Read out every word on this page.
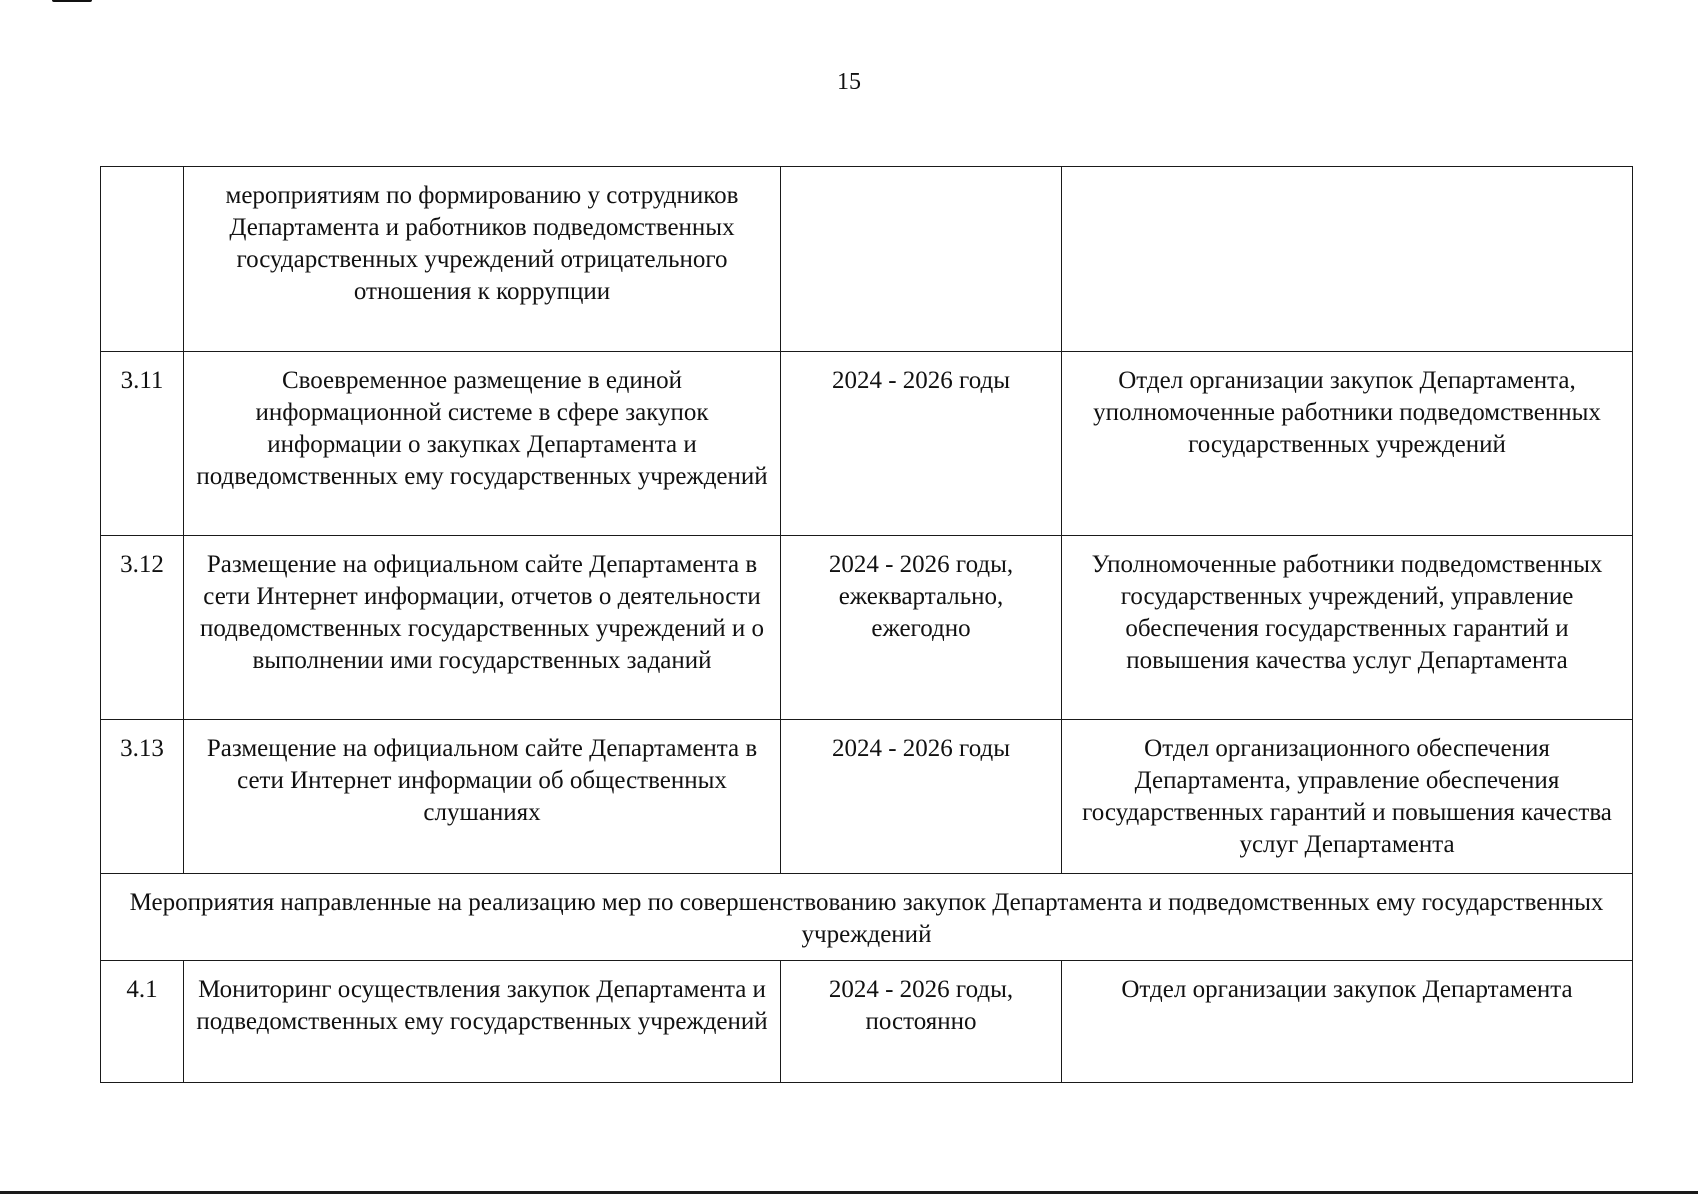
15
	мероприятиям по формированию у сотрудников Департамента и работников подведомственных государственных учреждений отрицательного отношения к коррупции		
3.11	Своевременное размещение в единой информационной системе в сфере закупок информации о закупках Департамента и подведомственных ему государственных учреждений	2024 - 2026 годы	Отдел организации закупок Департамента, уполномоченные работники подведомственных государственных учреждений
3.12	Размещение на официальном сайте Департамента в сети Интернет информации, отчетов о деятельности подведомственных государственных учреждений и о выполнении ими государственных заданий	2024 - 2026 годы, ежеквартально, ежегодно	Уполномоченные работники подведомственных государственных учреждений, управление обеспечения государственных гарантий и повышения качества услуг Департамента
3.13	Размещение на официальном сайте Департамента в сети Интернет информации об общественных слушаниях	2024 - 2026 годы	Отдел организационного обеспечения Департамента, управление обеспечения государственных гарантий и повышения качества услуг Департамента
Мероприятия направленные на реализацию мер по совершенствованию закупок Департамента и подведомственных ему государственных учреждений			
4.1	Мониторинг осуществления закупок Департамента и подведомственных ему государственных учреждений	2024 - 2026 годы, постоянно	Отдел организации закупок Департамента
